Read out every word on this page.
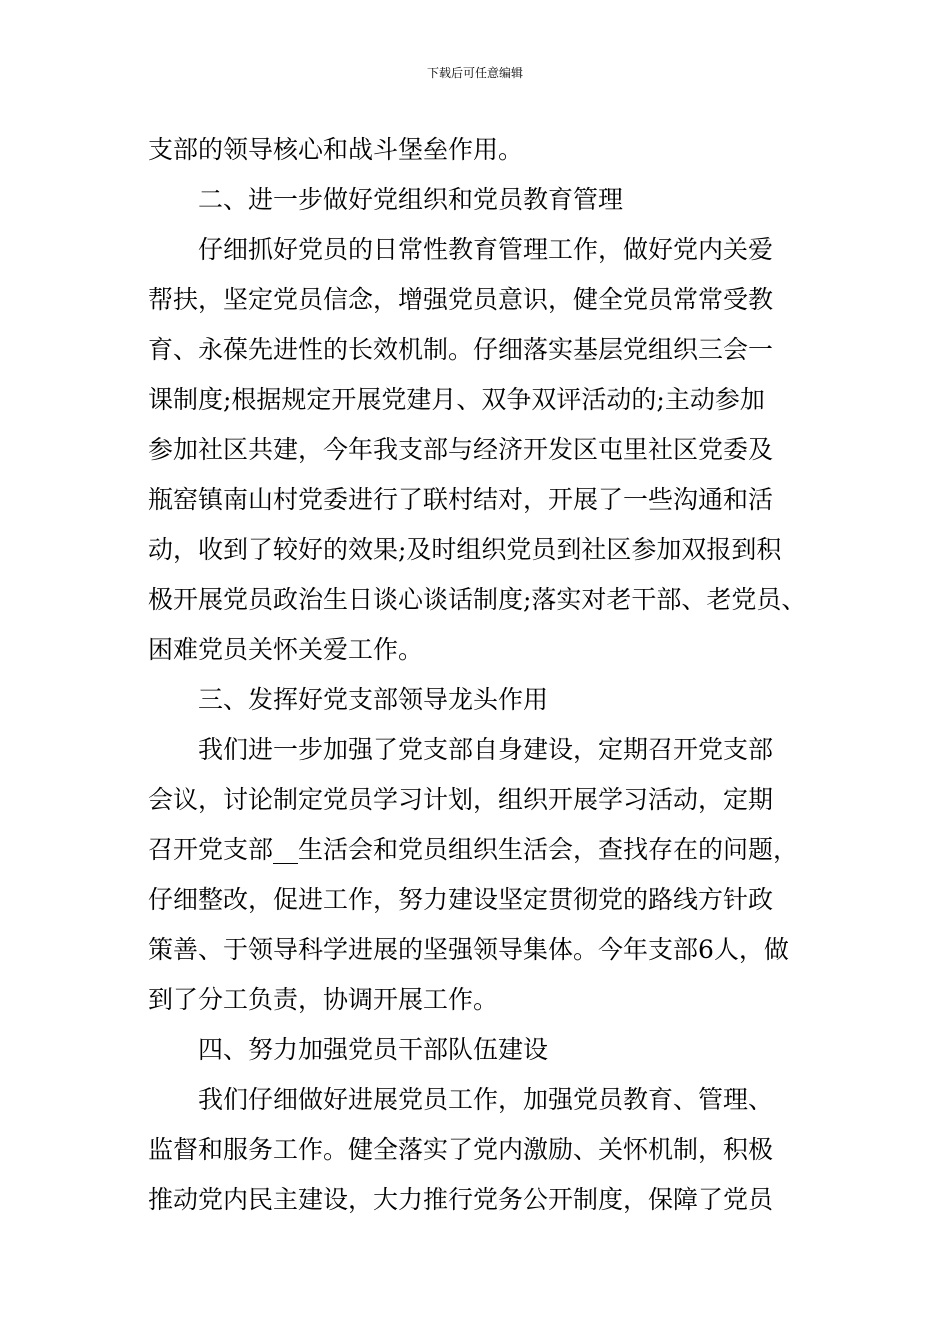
下载后可任意编辑

支部的领导核心和战斗堡垒作用。

二、进一步做好党组织和党员教育管理

仔细抓好党员的日常性教育管理工作，做好党内关爱

帮扶，坚定党员信念，增强党员意识，健全党员常常受教

育、永葆先进性的长效机制。仔细落实基层党组织三会一

课制度;根据规定开展党建月、双争双评活动的;主动参加

参加社区共建，今年我支部与经济开发区屯里社区党委及

瓶窑镇南山村党委进行了联村结对，开展了一些沟通和活

动，收到了较好的效果;及时组织党员到社区参加双报到积

极开展党员政治生日谈心谈话制度;落实对老干部、老党员、

困难党员关怀关爱工作。

三、发挥好党支部领导龙头作用

我们进一步加强了党支部自身建设，定期召开党支部

会议，讨论制定党员学习计划，组织开展学习活动，定期

召开党支部__生活会和党员组织生活会，查找存在的问题，

仔细整改，促进工作，努力建设坚定贯彻党的路线方针政

策善、于领导科学进展的坚强领导集体。今年支部6人，做

到了分工负责，协调开展工作。

四、努力加强党员干部队伍建设

我们仔细做好进展党员工作，加强党员教育、管理、

监督和服务工作。健全落实了党内激励、关怀机制，积极

推动党内民主建设，大力推行党务公开制度，保障了党员
